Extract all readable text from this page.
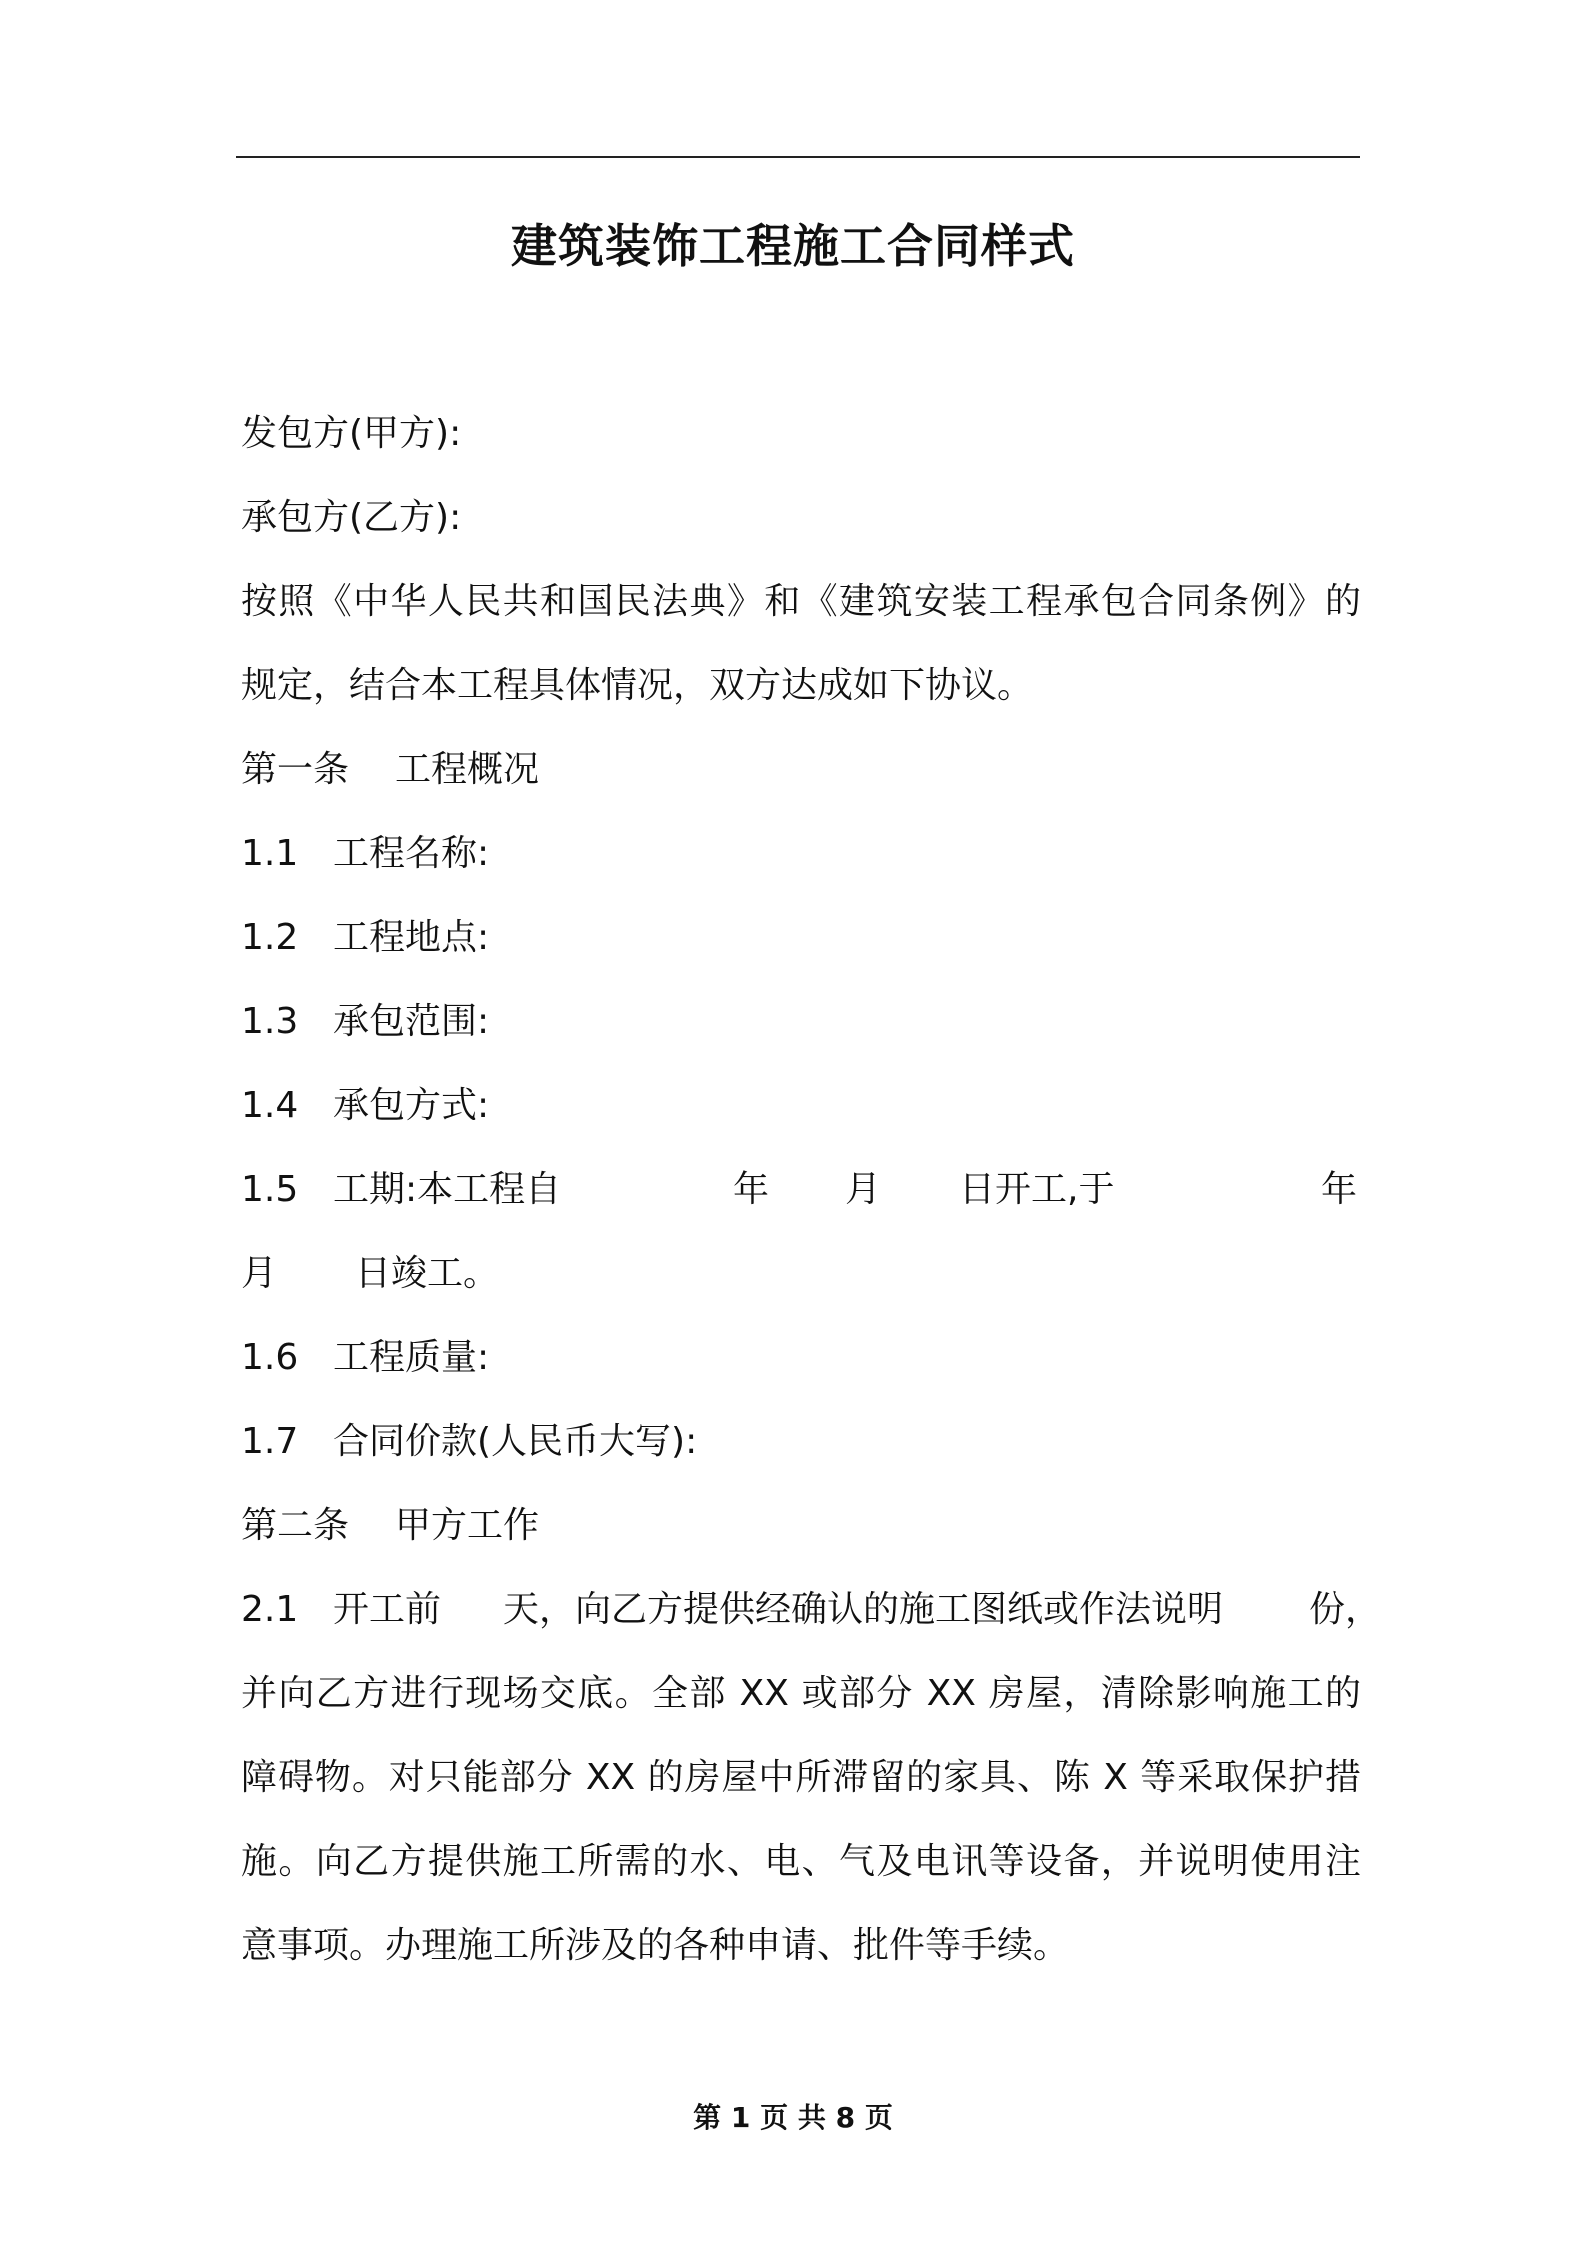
建筑装饰工程施工合同样式
发包方(甲方):
承包方(乙方):
按照《中华人民共和国民法典》和《建筑安装工程承包合同条例》的
规定，结合本工程具体情况，双方达成如下协议。
第一条 工程概况
1.1 工程名称:
1.2 工程地点:
1.3 承包范围:
1.4 承包方式:
1.5 工期:本工程自	年 月 日开工,于	年
月 日竣工。
1.6 工程质量:
1.7 合同价款(人民币大写):
第二条 甲方工作
2.1 开工前 天，向乙方提供经确认的施工图纸或作法说明 份，
并向乙方进行现场交底。全部 XX 或部分 XX 房屋，清除影响施工的
障碍物。对只能部分 XX 的房屋中所滞留的家具、陈 X 等采取保护措
施。向乙方提供施工所需的水、电、气及电讯等设备，并说明使用注
意事项。办理施工所涉及的各种申请、批件等手续。
第 1 页 共 8 页
